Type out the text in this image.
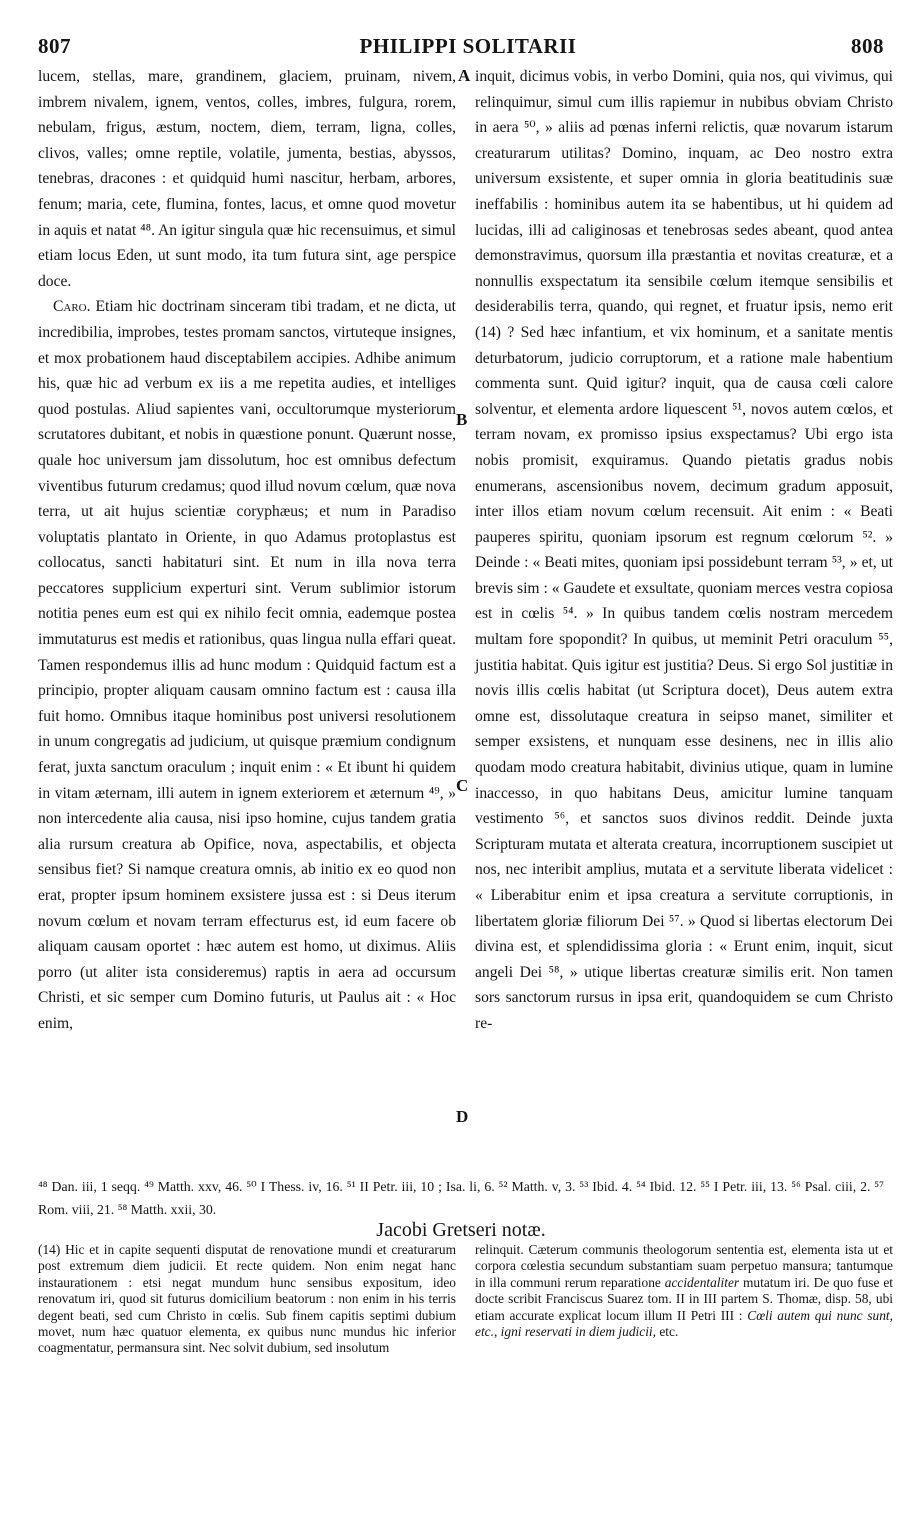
807	PHILIPPI SOLITARII	808

lucem, stellas, mare, grandinem, glaciem, pruinam, nivem, imbrem nivalem, ignem, ventos, colles, imbres, fulgura, rorem, nebulam, frigus, æstum, noctem, diem, terram, ligna, colles, clivos, valles; omne reptile, volatile, jumenta, bestias, abyssos, tenebras, dracones : et quidquid humi nascitur, herbam, arbores, fenum; maria, cete, flumina, fontes, lacus, et omne quod movetur in aquis et natat ⁴⁸. An igitur singula quæ hic recensuimus, et simul etiam locus Eden, ut sunt modo, ita tum futura sint, age perspice doce.

Caro. Etiam hic doctrinam sinceram tibi tradam, et ne dicta, ut incredibilia, improbes, testes promam sanctos, virtuteque insignes, et mox probationem haud disceptabilem accipies. Adhibe animum his, quæ hic ad verbum ex iis a me repetita audies, et intelliges quod postulas. Aliud sapientes vani, occultorumque mysteriorum scrutatores dubitant, et nobis in quæstione ponunt. Quærunt nosse, quale hoc universum jam dissolutum, hoc est omnibus defectum viventibus futurum credamus; quod illud novum cœlum, quæ nova terra, ut ait hujus scientiæ coryphæus; et num in Paradiso voluptatis plantato in Oriente, in quo Adamus protoplastus est collocatus, sancti habitaturi sint. Et num in illa nova terra peccatores supplicium experturi sint. Verum sublimior istorum notitia penes eum est qui ex nihilo fecit omnia, eademque postea immutaturus est medis et rationibus, quas lingua nulla effari queat. Tamen respondemus illis ad hunc modum : Quidquid factum est a principio, propter aliquam causam omnino factum est : causa illa fuit homo. Omnibus itaque hominibus post universi resolutionem in unum congregatis ad judicium, ut quisque præmium condignum ferat, juxta sanctum oraculum ; inquit enim : « Et ibunt hi quidem in vitam æternam, illi autem in ignem exteriorem et æternum ⁴⁹, » non intercedente alia causa, nisi ipso homine, cujus tandem gratia alia rursum creatura ab Opifice, nova, aspectabilis, et objecta sensibus fiet? Si namque creatura omnis, ab initio ex eo quod non erat, propter ipsum hominem exsistere jussa est : si Deus iterum novum cœlum et novam terram effecturus est, id eum facere ob aliquam causam oportet : hæc autem est homo, ut diximus. Aliis porro (ut aliter ista consideremus) raptis in aera ad occursum Christi, et sic semper cum Domino futuris, ut Paulus ait : « Hoc enim,

inquit, dicimus vobis, in verbo Domini, quia nos, qui vivimus, qui relinquimur, simul cum illis rapiemur in nubibus obviam Christo in aera ⁵⁰, » aliis ad pœnas inferni relictis, quæ novarum istarum creaturarum utilitas? Domino, inquam, ac Deo nostro extra universum exsistente, et super omnia in gloria beatitudinis suæ ineffabilis : hominibus autem ita se habentibus, ut hi quidem ad lucidas, illi ad caliginosas et tenebrosas sedes abeant, quod antea demonstravimus, quorsum illa præstantia et novitas creaturæ, et a nonnullis exspectatum ita sensibile cœlum itemque sensibilis et desiderabilis terra, quando, qui regnet, et fruatur ipsis, nemo erit (14) ? Sed hæc infantium, et vix hominum, et a sanitate mentis deturbatorum, judicio corruptorum, et a ratione male habentium commenta sunt. Quid igitur? inquit, qua de causa cœli calore solventur, et elementa ardore liquescent ⁵¹, novos autem cœlos, et terram novam, ex promisso ipsius exspectamus? Ubi ergo ista nobis promisit, exquiramus. Quando pietatis gradus nobis enumerans, ascensionibus novem, decimum gradum apposuit, inter illos etiam novum cœlum recensuit. Ait enim : « Beati pauperes spiritu, quoniam ipsorum est regnum cœlorum ⁵². » Deinde : « Beati mites, quoniam ipsi possidebunt terram ⁵³, » et, ut brevis sim : « Gaudete et exsultate, quoniam merces vestra copiosa est in cœlis ⁵⁴. » In quibus tandem cœlis nostram mercedem multam fore spopondit? In quibus, ut meminit Petri oraculum ⁵⁵, justitia habitat. Quis igitur est justitia? Deus. Si ergo Sol justitiæ in novis illis cœlis habitat (ut Scriptura docet), Deus autem extra omne est, dissolutaque creatura in seipso manet, similiter et semper exsistens, et nunquam esse desinens, nec in illis alio quodam modo creatura habitabit, divinius utique, quam in lumine inaccesso, in quo habitans Deus, amicitur lumine tanquam vestimento ⁵⁶, et sanctos suos divinos reddit. Deinde juxta Scripturam mutata et alterata creatura, incorruptionem suscipiet ut nos, nec interibit amplius, mutata et a servitute liberata videlicet : « Liberabitur enim et ipsa creatura a servitute corruptionis, in libertatem gloriæ filiorum Dei ⁵⁷. » Quod si libertas electorum Dei divina est, et splendidissima gloria : « Erunt enim, inquit, sicut angeli Dei ⁵⁸, » utique libertas creaturæ similis erit. Non tamen sors sanctorum rursus in ipsa erit, quandoquidem se cum Christo re-

A
B
C
D
⁴⁸ Dan. iii, 1 seqq. ⁴⁹ Matth. xxv, 46. ⁵⁰ I Thess. iv, 16. ⁵¹ II Petr. iii, 10 ; Isa. li, 6. ⁵² Matth. v, 3. ⁵³ Ibid. 4. ⁵⁴ Ibid. 12. ⁵⁵ I Petr. iii, 13. ⁵⁶ Psal. ciii, 2. ⁵⁷ Rom. viii, 21. ⁵⁸ Matth. xxii, 30.
Jacobi Gretseri notæ.

(14) Hic et in capite sequenti disputat de renovatione mundi et creaturarum post extremum diem judicii. Et recte quidem. Non enim negat hanc instaurationem : etsi negat mundum hunc sensibus expositum, ideo renovatum iri, quod sit futurus domicilium beatorum : non enim in his terris degent beati, sed cum Christo in cœlis. Sub finem capitis septimi dubium movet, num hæc quatuor elementa, ex quibus nunc mundus hic inferior coagmentatur, permansura sint. Nec solvit dubium, sed insolutum

relinquit. Cæterum communis theologorum sententia est, elementa ista ut et corpora cœlestia secundum substantiam suam perpetuo mansura; tantumque in illa communi rerum reparatione accidentaliter mutatum iri. De quo fuse et docte scribit Franciscus Suarez tom. II in III partem S. Thomæ, disp. 58, ubi etiam accurate explicat locum illum II Petri III : Cœli autem qui nunc sunt, etc., igni reservati in diem judicii, etc.
